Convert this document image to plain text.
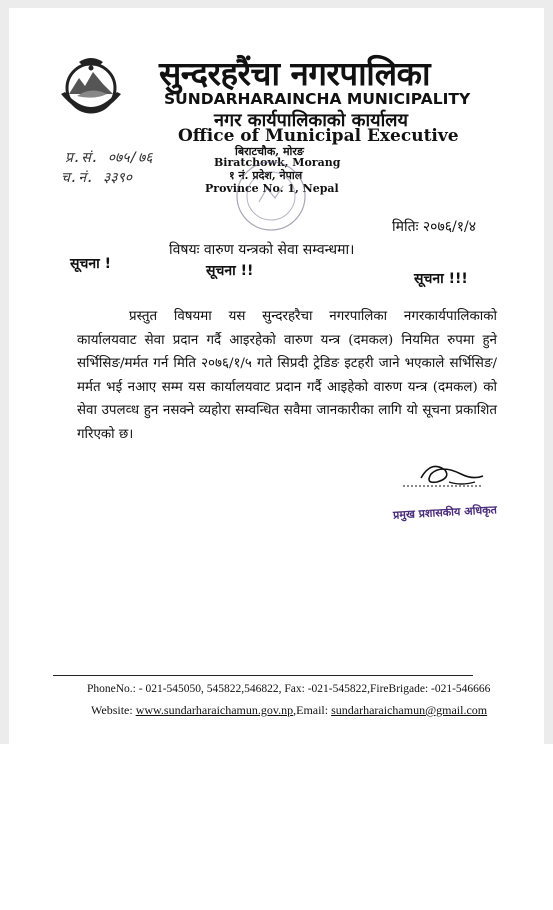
सुन्दरहरैंचा नगरपालिका
SUNDARHARAINCHA MUNICIPALITY
नगर कार्यपालिकाको कार्यालय
Office of Municipal Executive
बिराटचौक, मोरङ
Biratchowk, Morang
१ नं. प्रदेश, नेपाल
Province No. 1, Nepal
प्र.सं. ०७५/७६
च.नं. ३३९०
मितिः २०७६/१/४
विषयः वारुण यन्त्रको सेवा सम्वन्धमा।
सूचना !	सूचना !!	सूचना !!!
प्रस्तुत विषयमा यस सुन्दरहरैचा नगरपालिका नगरकार्यपालिकाको कार्यालयवाट सेवा प्रदान गर्दै आइरहेको वारुण यन्त्र (दमकल) नियमित रुपमा हुने सर्भिसिङ/मर्मत गर्न मिति २०७६/१/५ गते सिप्रदी ट्रेडिङ इटहरी जाने भएकाले सर्भिसिङ/मर्मत भई नआए सम्म यस कार्यालयवाट प्रदान गर्दै आइहेको वारुण यन्त्र (दमकल) को सेवा उपलव्ध हुन नसक्ने व्यहोरा सम्वन्धित सवैमा जानकारीका लागि यो सूचना प्रकाशित गरिएको छ।
प्रमुख प्रशासकीय अधिकृत
PhoneNo.: - 021-545050, 545822,546822, Fax: -021-545822,FireBrigade: -021-546666
Website: www.sundarharaichamun.gov.np,Email: sundarharaichamun@gmail.com
